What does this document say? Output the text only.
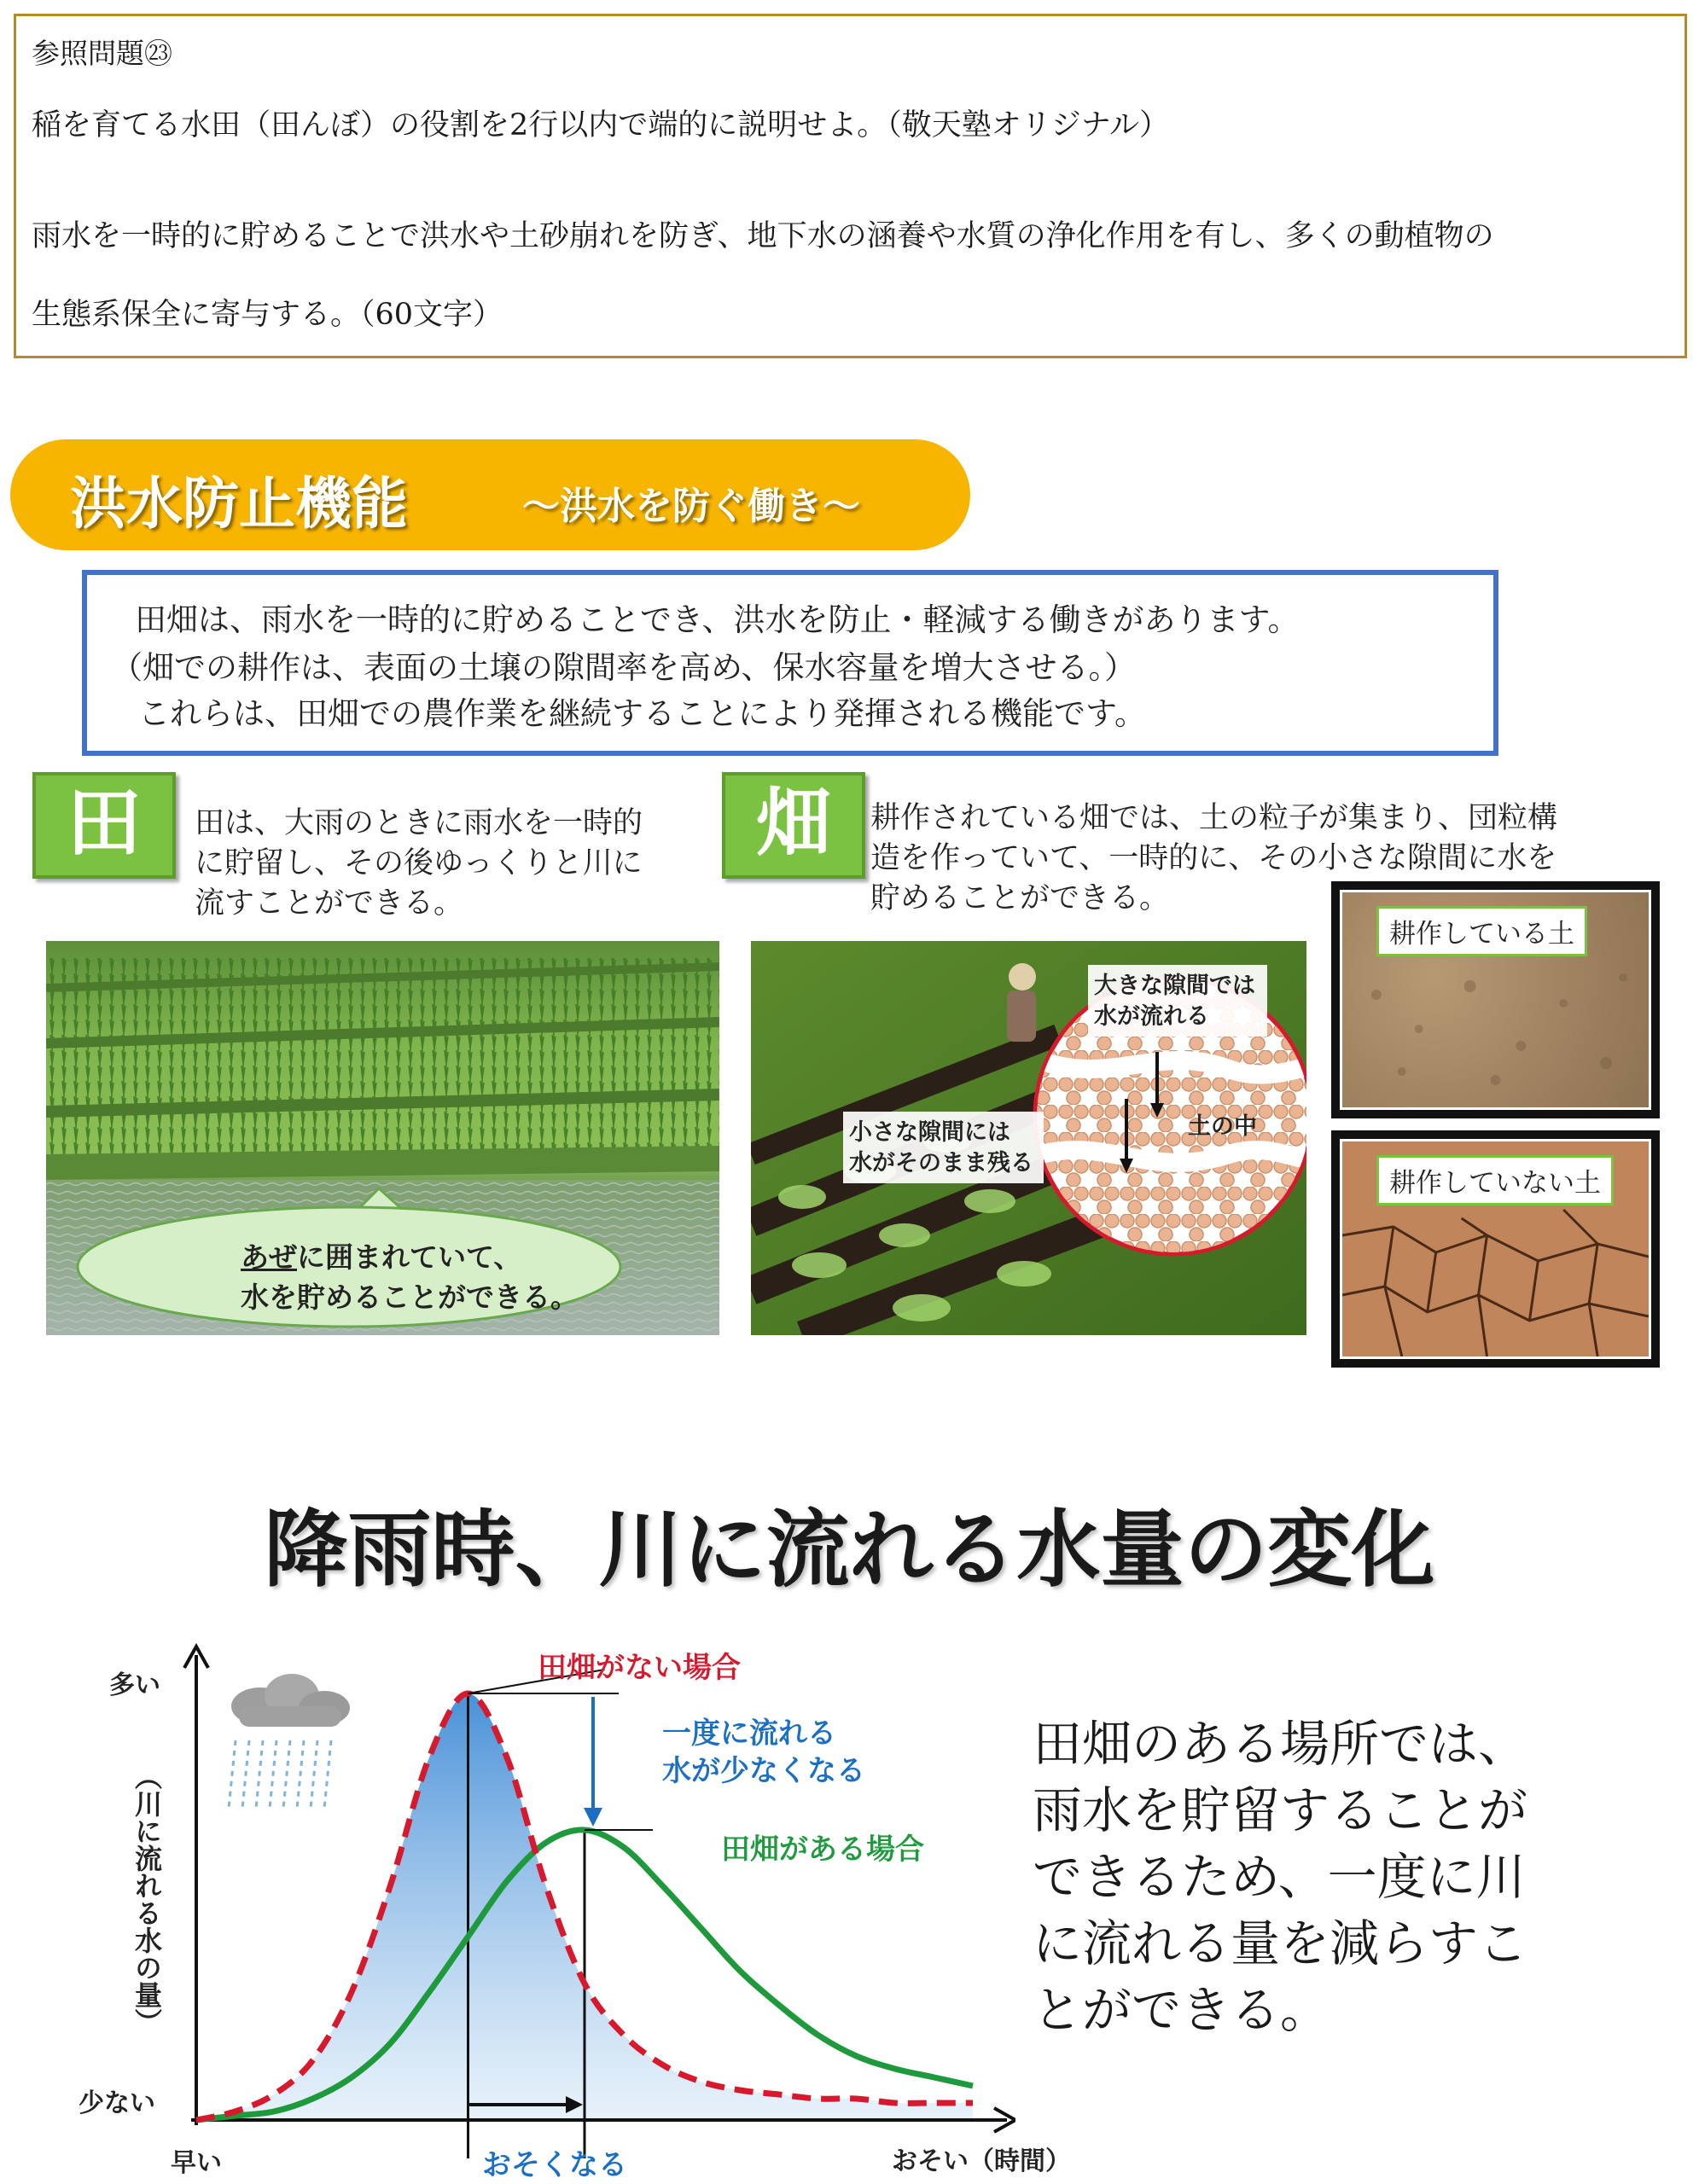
参照問題㉓
稲を育てる水田（田んぼ）の役割を2行以内で端的に説明せよ。（敬天塾オリジナル）
雨水を一時的に貯めることで洪水や土砂崩れを防ぎ、地下水の涵養や水質の浄化作用を有し、多くの動植物の
生態系保全に寄与する。（60文字）
洪水防止機能	～洪水を防ぐ働き～
田畑は、雨水を一時的に貯めることでき、洪水を防止・軽減する働きがあります。
（畑での耕作は、表面の土壌の隙間率を高め、保水容量を増大させる。）
これらは、田畑での農作業を継続することにより発揮される機能です。
田	田は、大雨のときに雨水を一時的
に貯留し、その後ゆっくりと川に
流すことができる。
あぜに囲まれていて、
水を貯めることができる。
畑	耕作されている畑では、土の粒子が集まり、団粒構
造を作っていて、一時的に、その小さな隙間に水を
貯めることができる。
大きな隙間では
水が流れる
小さな隙間には
水がそのまま残る
土の中
耕作している土
耕作していない土
降雨時、川に流れる水量の変化
多い
少ない
（川に流れる水の量）
早い	おそい（時間）
おそくなる
田畑がない場合
田畑がある場合
一度に流れる
水が少なくなる	田畑のある場所では、
雨水を貯留することが
できるため、一度に川
に流れる量を減らすこ
とができる。
